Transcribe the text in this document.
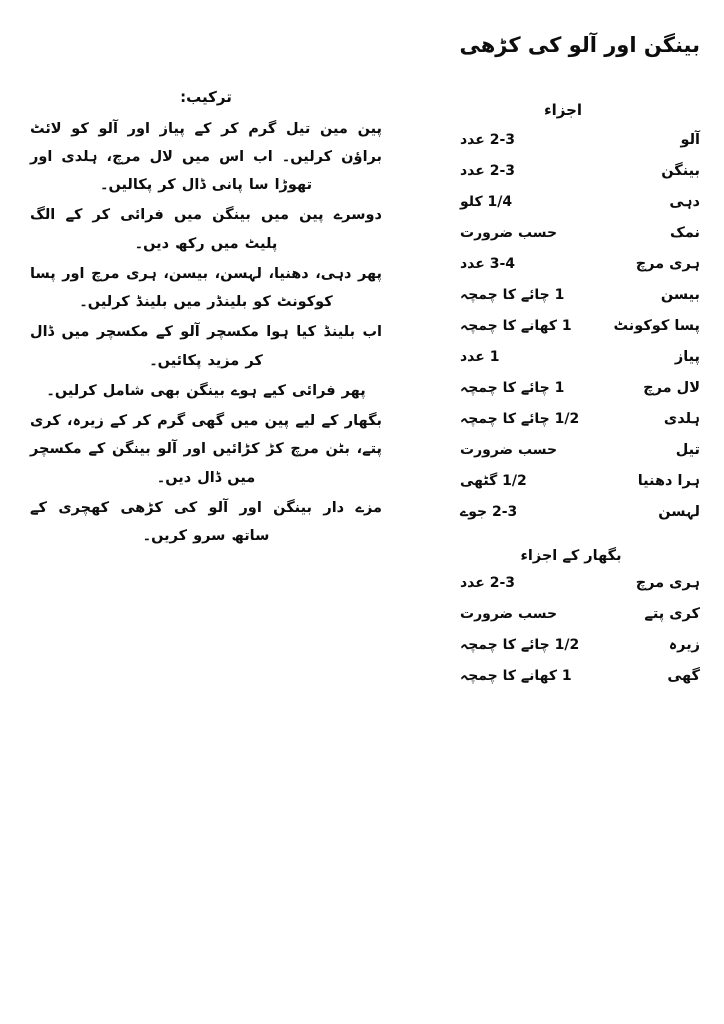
بینگن اور آلو کی کڑھی
اجزاء
آلو
2-3 عدد
بینگن
2-3 عدد
دہی
1/4 کلو
نمک
حسب ضرورت
ہری مرچ
3-4 عدد
بیسن
1 چائے کا چمچہ
پسا کوکونٹ
1 کھانے کا چمچہ
پیاز
1 عدد
لال مرچ
1 چائے کا چمچہ
ہلدی
1/2 چائے کا چمچہ
تیل
حسب ضرورت
ہرا دھنیا
1/2 گٹھی
لہسن
2-3 جوے
بگھار کے اجزاء
ہری مرچ
2-3 عدد
کری پتے
حسب ضرورت
زیرہ
1/2 چائے کا چمچہ
گھی
1 کھانے کا چمچہ
ترکیب:

پین مین تیل گرم کر کے پیاز اور آلو کو لائٹ براؤن کرلیں۔ اب اس میں لال مرچ، ہلدی اور تھوڑا سا پانی ڈال کر پکالیں۔

دوسرے پین میں بینگن میں فرائی کر کے الگ پلیٹ میں رکھ دیں۔

پھر دہی، دھنیا، لہسن، بیسن، ہری مرچ اور پسا کوکونٹ کو بلینڈر میں بلینڈ کرلیں۔

اب بلینڈ کیا ہوا مکسچر آلو کے مکسچر میں ڈال کر مزید پکائیں۔

پھر فرائی کیے ہوے بینگن بھی شامل کرلیں۔

بگھار کے لیے پین میں گھی گرم کر کے زیرہ، کری پتے، بٹن مرچ کڑ کڑائیں اور آلو بینگن کے مکسچر میں ڈال دیں۔

مزے دار بینگن اور آلو کی کڑھی کھچری کے ساتھ سرو کریں۔
